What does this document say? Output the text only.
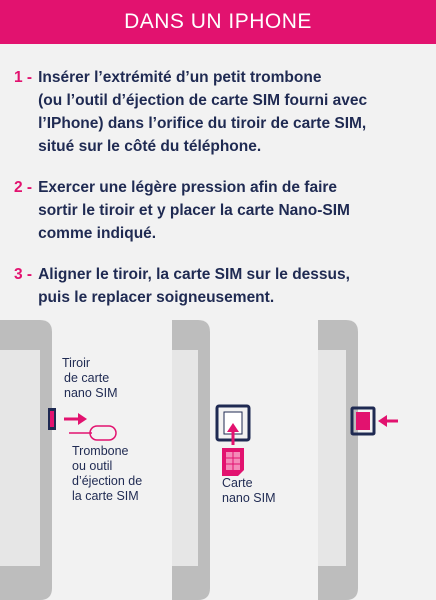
DANS UN IPHONE
1 - Insérer l’extrémité d’un petit trombone
(ou l’outil d’éjection de carte SIM fourni avec
l’IPhone) dans l’orifice du tiroir de carte SIM,
situé sur le côté du téléphone.
2 - Exercer une légère pression afin de faire
sortir le tiroir et y placer la carte Nano-SIM
comme indiqué.
3 - Aligner le tiroir, la carte SIM sur le dessus,
puis le replacer soigneusement.
Tiroir
de carte
nano SIM
Trombone
ou outil
d’éjection de
la carte SIM
Carte
nano SIM
